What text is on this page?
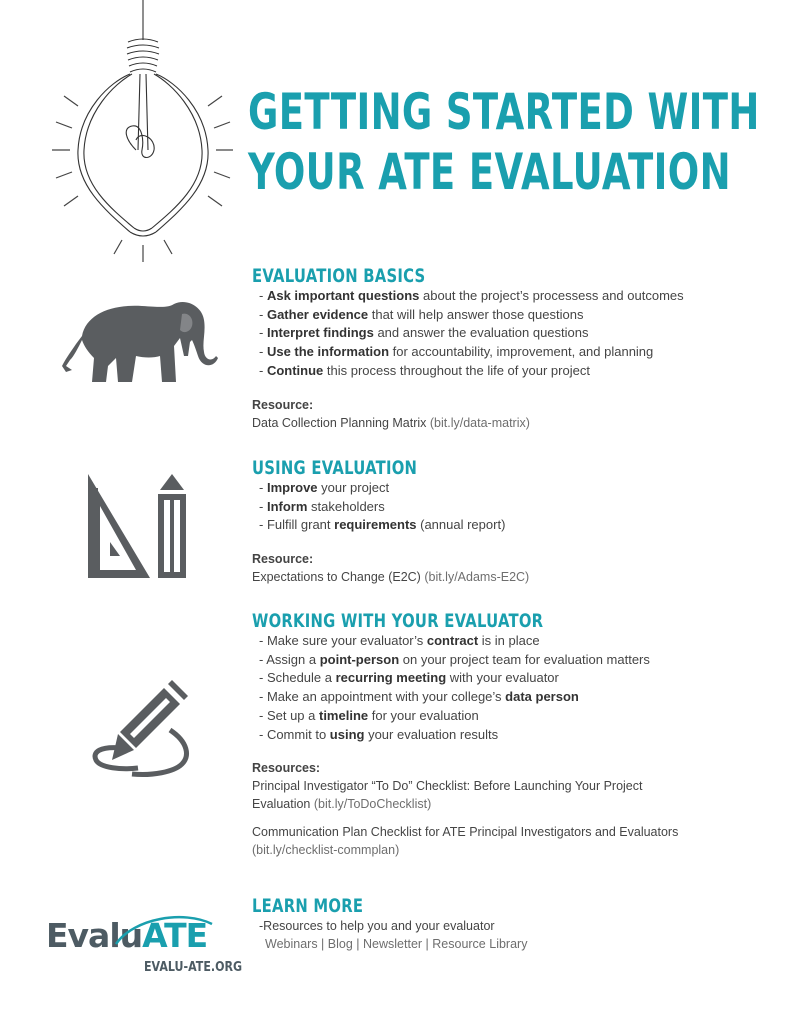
GETTING STARTED WITH
YOUR ATE EVALUATION
EVALUATION BASICS
- Ask important questions about the project’s processess and outcomes
- Gather evidence that will help answer those questions
- Interpret findings and answer the evaluation questions
- Use the information for accountability, improvement, and planning
- Continue this process throughout the life of your project
Resource:
Data Collection Planning Matrix (bit.ly/data-matrix)
USING EVALUATION
- Improve your project
- Inform stakeholders
- Fulfill grant requirements (annual report)
Resource:
Expectations to Change (E2C) (bit.ly/Adams-E2C)
WORKING WITH YOUR EVALUATOR
- Make sure your evaluator’s contract is in place
- Assign a point-person on your project team for evaluation matters
- Schedule a recurring meeting with your evaluator
- Make an appointment with your college’s data person
- Set up a timeline for your evaluation
- Commit to using your evaluation results
Resources:
Principal Investigator “To Do” Checklist: Before Launching Your Project
Evaluation (bit.ly/ToDoChecklist)
Communication Plan Checklist for ATE Principal Investigators and Evaluators
(bit.ly/checklist-commplan)
LEARN MORE
-Resources to help you and your evaluator
Webinars | Blog | Newsletter | Resource Library
EvaluATE
EVALU-ATE.ORG
